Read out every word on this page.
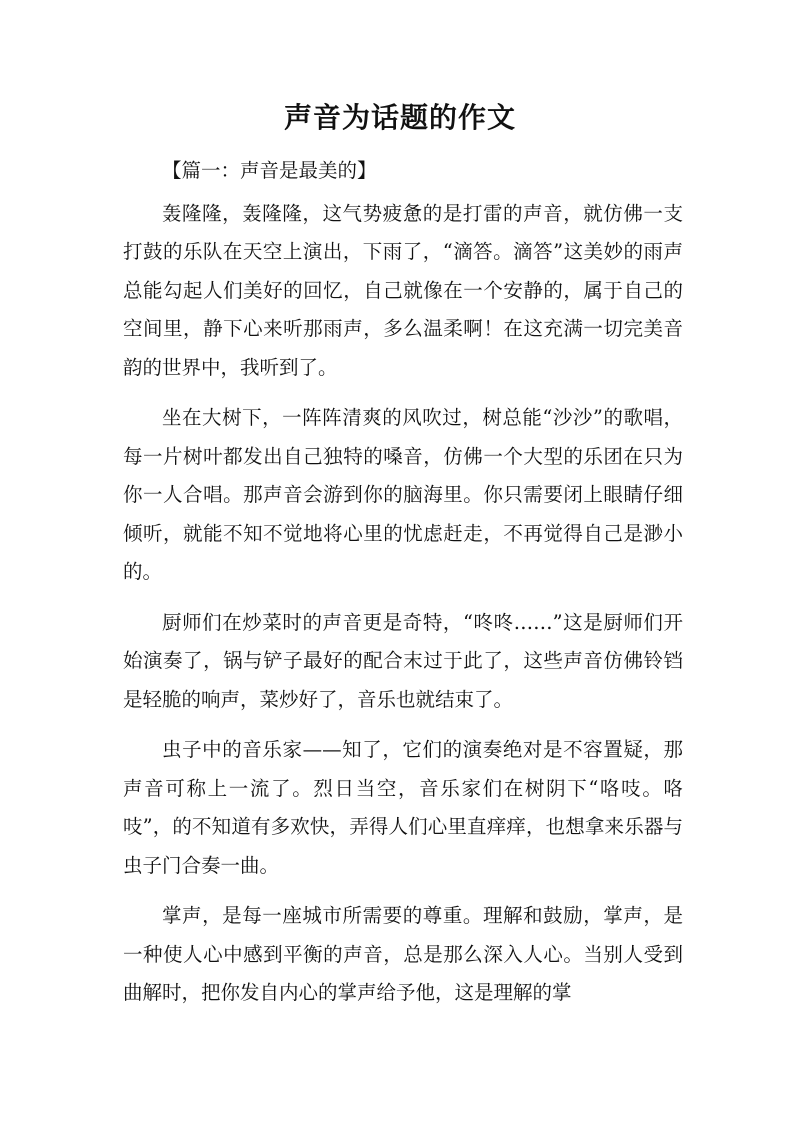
声音为话题的作文

【篇一：声音是最美的】

轰隆隆，轰隆隆，这气势疲惫的是打雷的声音，就仿佛一支打鼓的乐队在天空上演出，下雨了，“滴答。滴答”这美妙的雨声总能勾起人们美好的回忆，自己就像在一个安静的，属于自己的空间里，静下心来听那雨声，多么温柔啊！在这充满一切完美音韵的世界中，我听到了。

坐在大树下，一阵阵清爽的风吹过，树总能“沙沙”的歌唱，每一片树叶都发出自己独特的嗓音，仿佛一个大型的乐团在只为你一人合唱。那声音会游到你的脑海里。你只需要闭上眼睛仔细倾听，就能不知不觉地将心里的忧虑赶走，不再觉得自己是渺小的。

厨师们在炒菜时的声音更是奇特，“咚咚……”这是厨师们开始演奏了，锅与铲子最好的配合末过于此了，这些声音仿佛铃铛是轻脆的响声，菜炒好了，音乐也就结束了。

虫子中的音乐家——知了，它们的演奏绝对是不容置疑，那声音可称上一流了。烈日当空，音乐家们在树阴下“咯吱。咯吱”，的不知道有多欢快，弄得人们心里直痒痒，也想拿来乐器与虫子门合奏一曲。

掌声，是每一座城市所需要的尊重。理解和鼓励，掌声，是一种使人心中感到平衡的声音，总是那么深入人心。当别人受到曲解时，把你发自内心的掌声给予他，这是理解的掌
